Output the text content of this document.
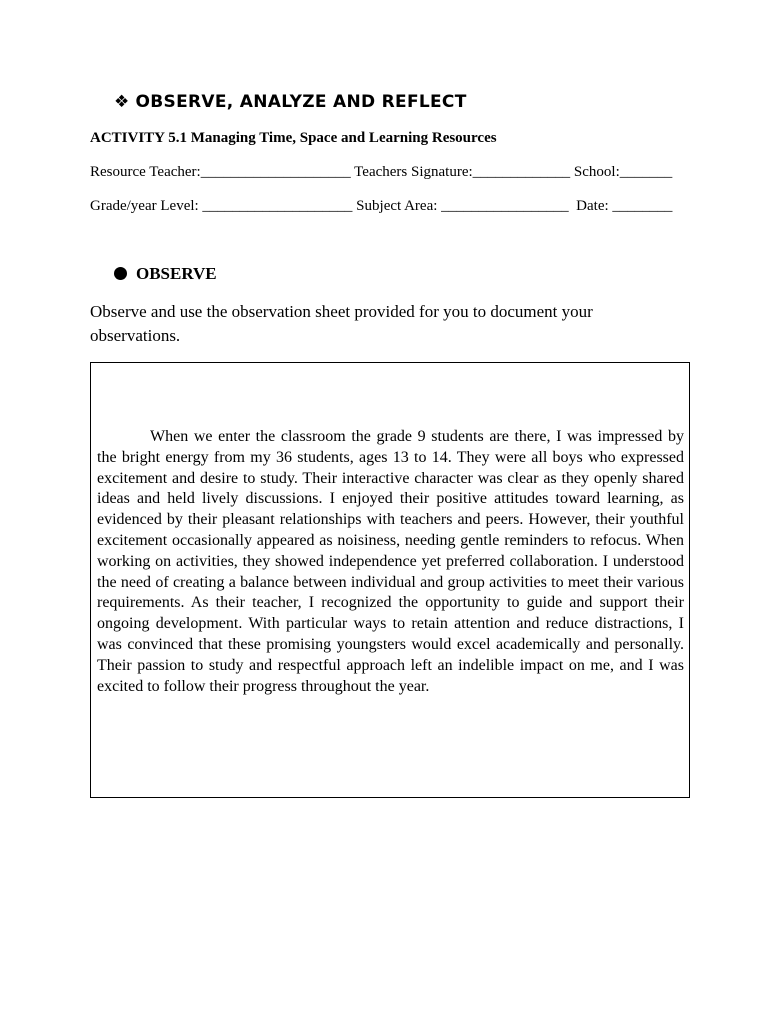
❖ OBSERVE, ANALYZE AND REFLECT
ACTIVITY 5.1 Managing Time, Space and Learning Resources
Resource Teacher:____________________ Teachers Signature:_____________ School:_______
Grade/year Level: ____________________ Subject Area: _________________  Date: ________
OBSERVE
Observe and use the observation sheet provided for you to document your observations.

When we enter the classroom the grade 9 students are there, I was impressed by the bright energy from my 36 students, ages 13 to 14. They were all boys who expressed excitement and desire to study. Their interactive character was clear as they openly shared ideas and held lively discussions. I enjoyed their positive attitudes toward learning, as evidenced by their pleasant relationships with teachers and peers. However, their youthful excitement occasionally appeared as noisiness, needing gentle reminders to refocus. When working on activities, they showed independence yet preferred collaboration. I understood the need of creating a balance between individual and group activities to meet their various requirements. As their teacher, I recognized the opportunity to guide and support their ongoing development. With particular ways to retain attention and reduce distractions, I was convinced that these promising youngsters would excel academically and personally. Their passion to study and respectful approach left an indelible impact on me, and I was excited to follow their progress throughout the year.
